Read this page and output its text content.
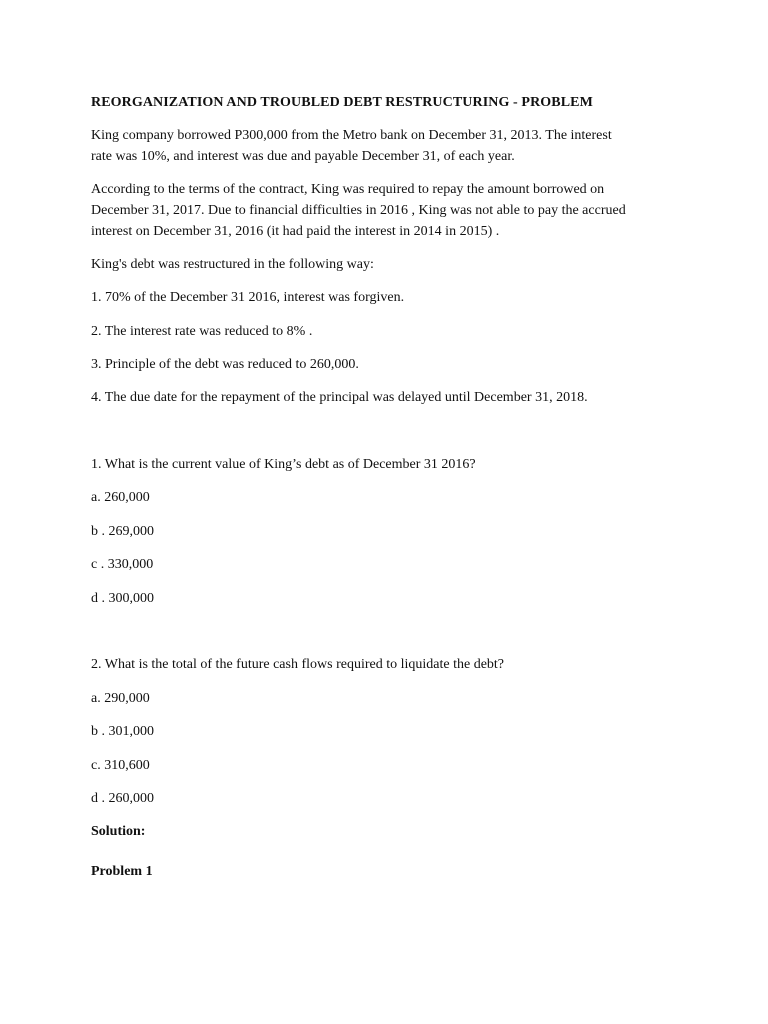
REORGANIZATION AND TROUBLED DEBT RESTRUCTURING - PROBLEM
King company borrowed P300,000 from the Metro bank on December 31, 2013. The interest
rate was 10%, and interest was due and payable December 31, of each year.
According to the terms of the contract, King was required to repay the amount borrowed on
December 31, 2017. Due to financial difficulties in 2016 , King was not able to pay the accrued
interest on December 31, 2016 (it had paid the interest in 2014 in 2015) .
King's debt was restructured in the following way:
1. 70% of the December 31 2016, interest was forgiven.
2. The interest rate was reduced to 8% .
3. Principle of the debt was reduced to 260,000.
4. The due date for the repayment of the principal was delayed until December 31, 2018.
1. What is the current value of King’s debt as of December 31 2016?
a. 260,000
b . 269,000
c . 330,000
d . 300,000
2. What is the total of the future cash flows required to liquidate the debt?
a. 290,000
b . 301,000
c. 310,600
d . 260,000
Solution:
Problem 1
